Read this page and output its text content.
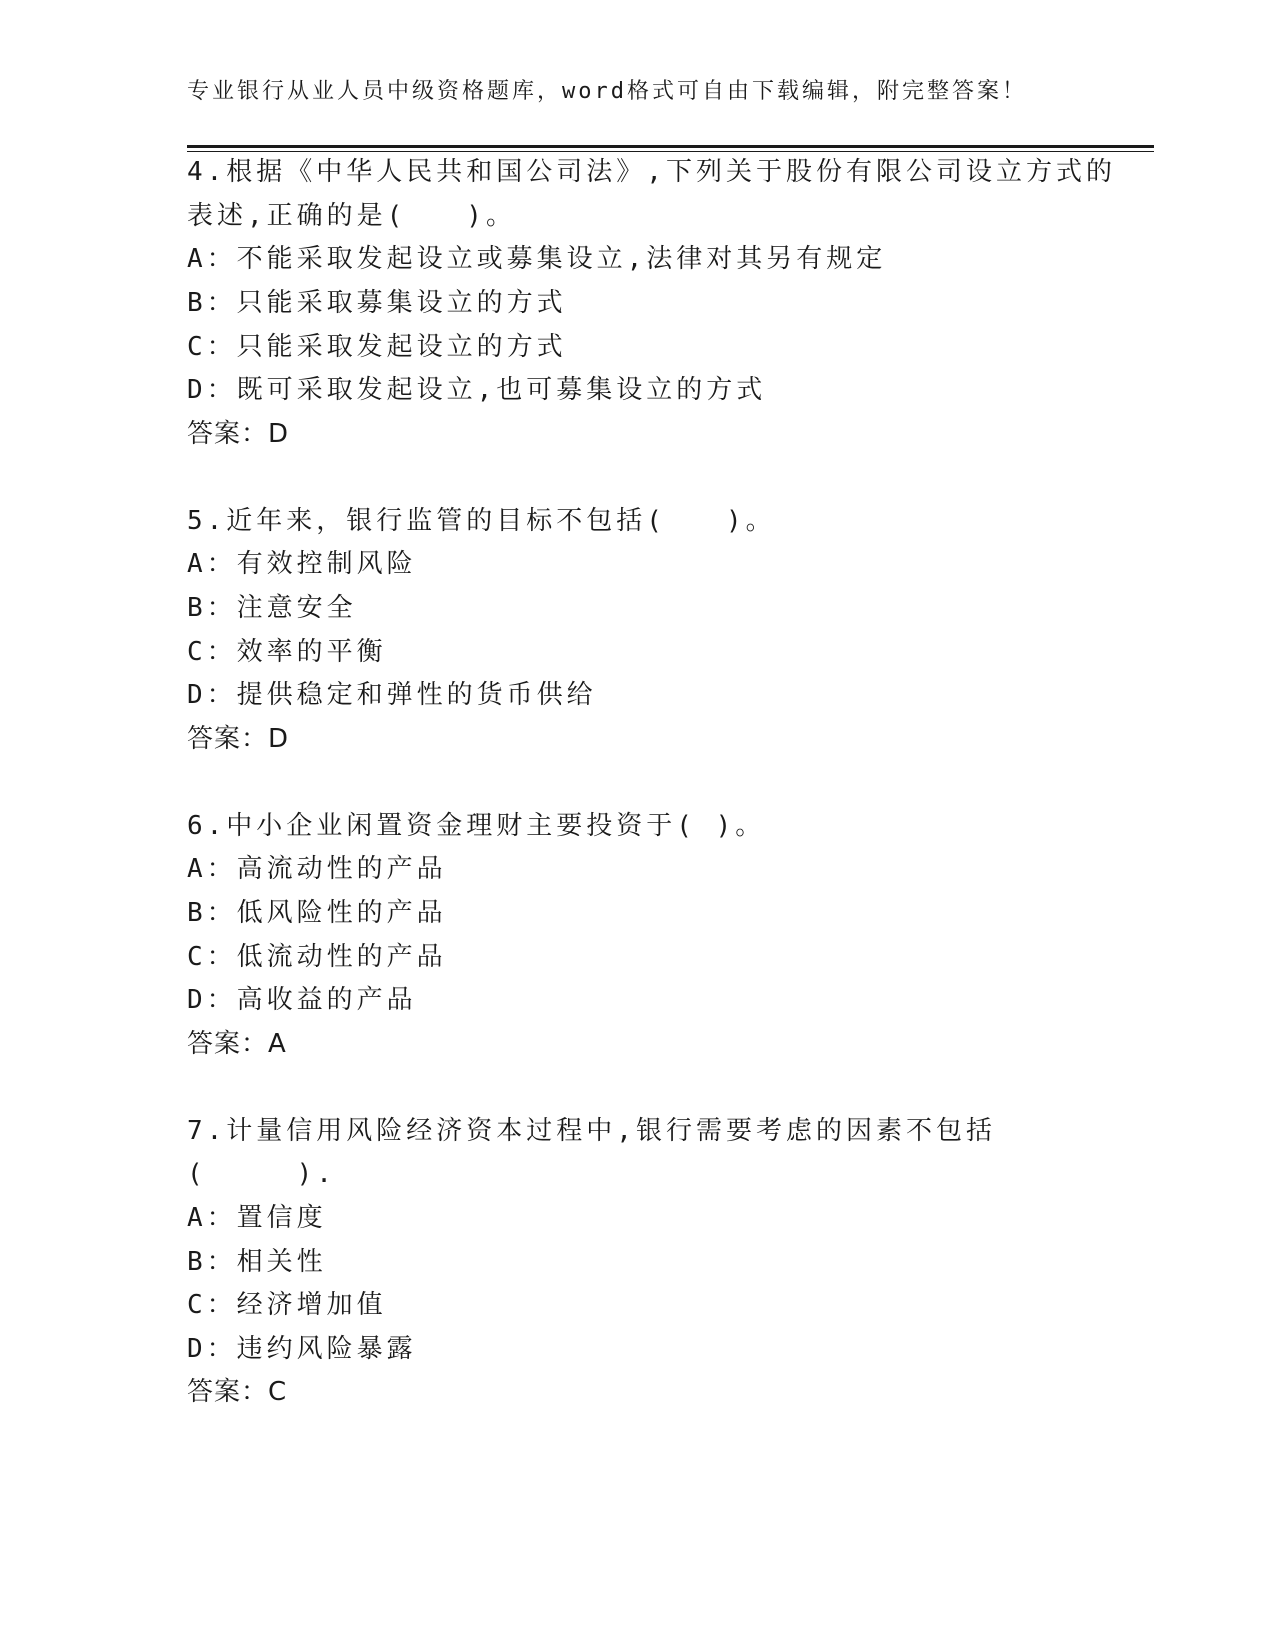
专业银行从业人员中级资格题库，word格式可自由下载编辑，附完整答案！
4.根据《中华人民共和国公司法》,下列关于股份有限公司设立方式的
表述,正确的是(　　)。
A：不能采取发起设立或募集设立,法律对其另有规定
B：只能采取募集设立的方式
C：只能采取发起设立的方式
D：既可采取发起设立,也可募集设立的方式
答案：D
5.近年来，银行监管的目标不包括(　　)。
A：有效控制风险
B：注意安全
C：效率的平衡
D：提供稳定和弹性的货币供给
答案：D
6.中小企业闲置资金理财主要投资于( )。
A：高流动性的产品
B：低风险性的产品
C：低流动性的产品
D：高收益的产品
答案：A
7.计量信用风险经济资本过程中,银行需要考虑的因素不包括
(　　　).
A：置信度
B：相关性
C：经济增加值
D：违约风险暴露
答案：C
